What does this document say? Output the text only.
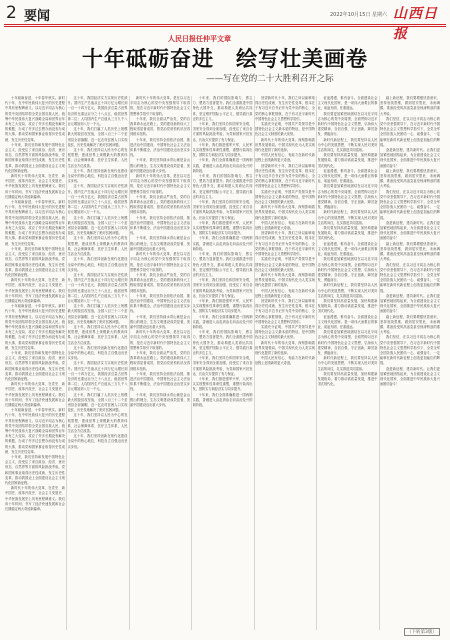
2 要闻	2022年10月15日 星期六 山西日报
人民日报任仲平文章
十年砥砺奋进　绘写壮美画卷
——写在党的二十大胜利召开之际

十年砥砺奋进，十年春华秋实。新时代十年，在中华民族伟大复兴的历史进程中具有里程碑意义。以习近平同志为核心的党中央团结带领全党全国各族人民，统筹中华民族伟大复兴战略全局和世界百年未有之大变局，攻克了许多长期没有解决的难题，办成了许多过去想办而没有办成的大事，推动党和国家事业取得历史性成就、发生历史性变革。

十年来，我们坚持和发展中国特色社会主义，经受住了来自政治、经济、意识形态、自然界等方面的风险挑战考验，党和国家事业取得历史性成就、发生历史性变革，推动我国迈上全面建设社会主义现代化国家新征程。

新时代十年的伟大变革，在党史、新中国史、改革开放史、社会主义发展史、中华民族发展史上具有里程碑意义。我们用十年时间，书写了经济快速发展和社会长期稳定两大奇迹新篇章。

十年砥砺奋进，十年春华秋实。新时代十年，在中华民族伟大复兴的历史进程中具有里程碑意义。以习近平同志为核心的党中央团结带领全党全国各族人民，统筹中华民族伟大复兴战略全局和世界百年未有之大变局，攻克了许多长期没有解决的难题，办成了许多过去想办而没有办成的大事，推动党和国家事业取得历史性成就、发生历史性变革。

十年来，我们坚持和发展中国特色社会主义，经受住了来自政治、经济、意识形态、自然界等方面的风险挑战考验，党和国家事业取得历史性成就、发生历史性变革，推动我国迈上全面建设社会主义现代化国家新征程。

新时代十年的伟大变革，在党史、新中国史、改革开放史、社会主义发展史、中华民族发展史上具有里程碑意义。我们用十年时间，书写了经济快速发展和社会长期稳定两大奇迹新篇章。

十年砥砺奋进，十年春华秋实。新时代十年，在中华民族伟大复兴的历史进程中具有里程碑意义。以习近平同志为核心的党中央团结带领全党全国各族人民，统筹中华民族伟大复兴战略全局和世界百年未有之大变局，攻克了许多长期没有解决的难题，办成了许多过去想办而没有办成的大事，推动党和国家事业取得历史性成就、发生历史性变革。

十年来，我们坚持和发展中国特色社会主义，经受住了来自政治、经济、意识形态、自然界等方面的风险挑战考验，党和国家事业取得历史性成就、发生历史性变革，推动我国迈上全面建设社会主义现代化国家新征程。

新时代十年的伟大变革，在党史、新中国史、改革开放史、社会主义发展史、中华民族发展史上具有里程碑意义。我们用十年时间，书写了经济快速发展和社会长期稳定两大奇迹新篇章。

十年砥砺奋进，十年春华秋实。新时代十年，在中华民族伟大复兴的历史进程中具有里程碑意义。以习近平同志为核心的党中央团结带领全党全国各族人民，统筹中华民族伟大复兴战略全局和世界百年未有之大变局，攻克了许多长期没有解决的难题，办成了许多过去想办而没有办成的大事，推动党和国家事业取得历史性成就、发生历史性变革。

十年来，我们坚持和发展中国特色社会主义，经受住了来自政治、经济、意识形态、自然界等方面的风险挑战考验，党和国家事业取得历史性成就、发生历史性变革，推动我国迈上全面建设社会主义现代化国家新征程。

新时代十年的伟大变革，在党史、新中国史、改革开放史、社会主义发展史、中华民族发展史上具有里程碑意义。我们用十年时间，书写了经济快速发展和社会长期稳定两大奇迹新篇章。

这十年，我国经济实力实现历史性跃升。国内生产总值从五十四万亿元增长到一百一十四万亿元，我国经济总量占世界经济的比重达百分之十八点五，稳居世界第二位；人均国内生产总值从三万九千八百元增加到八万一千元。

这十年，我们打赢了人类历史上规模最大的脱贫攻坚战，全国八百三十二个贫困县全部摘帽，近一亿农村贫困人口实现脱贫，历史性地解决了绝对贫困问题。

这十年，我们坚持以人民为中心的发展思想，建成世界上规模最大的教育体系、社会保障体系、医疗卫生体系，人民生活全方位改善。

这十年，我们坚持创新在现代化建设全局中的核心地位，科技自立自强迈出坚实步伐。

这十年，我国经济实力实现历史性跃升。国内生产总值从五十四万亿元增长到一百一十四万亿元，我国经济总量占世界经济的比重达百分之十八点五，稳居世界第二位；人均国内生产总值从三万九千八百元增加到八万一千元。

这十年，我们打赢了人类历史上规模最大的脱贫攻坚战，全国八百三十二个贫困县全部摘帽，近一亿农村贫困人口实现脱贫，历史性地解决了绝对贫困问题。

这十年，我们坚持以人民为中心的发展思想，建成世界上规模最大的教育体系、社会保障体系、医疗卫生体系，人民生活全方位改善。

这十年，我们坚持创新在现代化建设全局中的核心地位，科技自立自强迈出坚实步伐。

这十年，我国经济实力实现历史性跃升。国内生产总值从五十四万亿元增长到一百一十四万亿元，我国经济总量占世界经济的比重达百分之十八点五，稳居世界第二位；人均国内生产总值从三万九千八百元增加到八万一千元。

这十年，我们打赢了人类历史上规模最大的脱贫攻坚战，全国八百三十二个贫困县全部摘帽，近一亿农村贫困人口实现脱贫，历史性地解决了绝对贫困问题。

这十年，我们坚持以人民为中心的发展思想，建成世界上规模最大的教育体系、社会保障体系、医疗卫生体系，人民生活全方位改善。

这十年，我们坚持创新在现代化建设全局中的核心地位，科技自立自强迈出坚实步伐。

这十年，我国经济实力实现历史性跃升。国内生产总值从五十四万亿元增长到一百一十四万亿元，我国经济总量占世界经济的比重达百分之十八点五，稳居世界第二位；人均国内生产总值从三万九千八百元增加到八万一千元。

这十年，我们打赢了人类历史上规模最大的脱贫攻坚战，全国八百三十二个贫困县全部摘帽，近一亿农村贫困人口实现脱贫，历史性地解决了绝对贫困问题。

这十年，我们坚持以人民为中心的发展思想，建成世界上规模最大的教育体系、社会保障体系、医疗卫生体系，人民生活全方位改善。

这十年，我们坚持创新在现代化建设全局中的核心地位，科技自立自强迈出坚实步伐。

新时代十年的伟大变革，是在以习近平同志为核心的党中央坚强领导下取得的，是在习近平新时代中国特色社会主义思想科学指引下取得的。

十年来，我们全面从严治党，党的自我革命永远在路上。党的建设新的伟大工程取得显著成效，管党治党宽松软状况得到根本扭转。

十年来，我们坚持全面依法治国，推进法治中国建设，中国特色社会主义法治体系不断健全，法治中国建设迈出坚实步伐。

十年来，我们坚持绿水青山就是金山银山的理念，生态文明建设成效显著，美丽中国建设迈出重大步伐。

新时代十年的伟大变革，是在以习近平同志为核心的党中央坚强领导下取得的，是在习近平新时代中国特色社会主义思想科学指引下取得的。

十年来，我们全面从严治党，党的自我革命永远在路上。党的建设新的伟大工程取得显著成效，管党治党宽松软状况得到根本扭转。

十年来，我们坚持全面依法治国，推进法治中国建设，中国特色社会主义法治体系不断健全，法治中国建设迈出坚实步伐。

十年来，我们坚持绿水青山就是金山银山的理念，生态文明建设成效显著，美丽中国建设迈出重大步伐。

新时代十年的伟大变革，是在以习近平同志为核心的党中央坚强领导下取得的，是在习近平新时代中国特色社会主义思想科学指引下取得的。

十年来，我们全面从严治党，党的自我革命永远在路上。党的建设新的伟大工程取得显著成效，管党治党宽松软状况得到根本扭转。

十年来，我们坚持全面依法治国，推进法治中国建设，中国特色社会主义法治体系不断健全，法治中国建设迈出坚实步伐。

十年来，我们坚持绿水青山就是金山银山的理念，生态文明建设成效显著，美丽中国建设迈出重大步伐。

新时代十年的伟大变革，是在以习近平同志为核心的党中央坚强领导下取得的，是在习近平新时代中国特色社会主义思想科学指引下取得的。

十年来，我们全面从严治党，党的自我革命永远在路上。党的建设新的伟大工程取得显著成效，管党治党宽松软状况得到根本扭转。

十年来，我们坚持全面依法治国，推进法治中国建设，中国特色社会主义法治体系不断健全，法治中国建设迈出坚实步伐。

十年来，我们坚持绿水青山就是金山银山的理念，生态文明建设成效显著，美丽中国建设迈出重大步伐。

十年来，我们的国际影响力、感召力、塑造力显著提升。我们全面推进中国特色大国外交，推动构建人类命运共同体，坚定维护国际公平正义，倡导践行真正的多边主义。

十年来，我们坚持总体国家安全观，国家安全得到全面加强，经受住了来自各方面的风险挑战考验，为党和国家兴旺发达、长治久安提供了有力保证。

十年来，我们推进强军兴军，人民军队实现整体性革命性重塑，重整行装再出发，国防实力和经济实力同步提升。

十年来，我们全面准确推进一国两制实践，香港进入由乱到治走向由治及兴的新阶段。

十年来，我们的国际影响力、感召力、塑造力显著提升。我们全面推进中国特色大国外交，推动构建人类命运共同体，坚定维护国际公平正义，倡导践行真正的多边主义。

十年来，我们坚持总体国家安全观，国家安全得到全面加强，经受住了来自各方面的风险挑战考验，为党和国家兴旺发达、长治久安提供了有力保证。

十年来，我们推进强军兴军，人民军队实现整体性革命性重塑，重整行装再出发，国防实力和经济实力同步提升。

十年来，我们全面准确推进一国两制实践，香港进入由乱到治走向由治及兴的新阶段。

十年来，我们的国际影响力、感召力、塑造力显著提升。我们全面推进中国特色大国外交，推动构建人类命运共同体，坚定维护国际公平正义，倡导践行真正的多边主义。

十年来，我们坚持总体国家安全观，国家安全得到全面加强，经受住了来自各方面的风险挑战考验，为党和国家兴旺发达、长治久安提供了有力保证。

十年来，我们推进强军兴军，人民军队实现整体性革命性重塑，重整行装再出发，国防实力和经济实力同步提升。

十年来，我们全面准确推进一国两制实践，香港进入由乱到治走向由治及兴的新阶段。

十年来，我们的国际影响力、感召力、塑造力显著提升。我们全面推进中国特色大国外交，推动构建人类命运共同体，坚定维护国际公平正义，倡导践行真正的多边主义。

十年来，我们坚持总体国家安全观，国家安全得到全面加强，经受住了来自各方面的风险挑战考验，为党和国家兴旺发达、长治久安提供了有力保证。

十年来，我们推进强军兴军，人民军队实现整体性革命性重塑，重整行装再出发，国防实力和经济实力同步提升。

十年来，我们全面准确推进一国两制实践，香港进入由乱到治走向由治及兴的新阶段。

回望新时代十年，我们之所以能够取得历史性成就、发生历史性变革，根本在于有习近平总书记作为党中央的核心、全党的核心掌舵领航，在于有习近平新时代中国特色社会主义思想科学指引。

实践充分证明，中国共产党领导是中国特色社会主义最本质的特征，是中国特色社会主义制度的最大优势。

新时代十年的伟大变革，深刻影响着世界发展格局。中国式现代化为人类实现现代化提供了新的选择。

中国人民有信心、有能力在新时代新征程上创造新的更大奇迹。

回望新时代十年，我们之所以能够取得历史性成就、发生历史性变革，根本在于有习近平总书记作为党中央的核心、全党的核心掌舵领航，在于有习近平新时代中国特色社会主义思想科学指引。

实践充分证明，中国共产党领导是中国特色社会主义最本质的特征，是中国特色社会主义制度的最大优势。

新时代十年的伟大变革，深刻影响着世界发展格局。中国式现代化为人类实现现代化提供了新的选择。

中国人民有信心、有能力在新时代新征程上创造新的更大奇迹。

回望新时代十年，我们之所以能够取得历史性成就、发生历史性变革，根本在于有习近平总书记作为党中央的核心、全党的核心掌舵领航，在于有习近平新时代中国特色社会主义思想科学指引。

实践充分证明，中国共产党领导是中国特色社会主义最本质的特征，是中国特色社会主义制度的最大优势。

新时代十年的伟大变革，深刻影响着世界发展格局。中国式现代化为人类实现现代化提供了新的选择。

中国人民有信心、有能力在新时代新征程上创造新的更大奇迹。

回望新时代十年，我们之所以能够取得历史性成就、发生历史性变革，根本在于有习近平总书记作为党中央的核心、全党的核心掌舵领航，在于有习近平新时代中国特色社会主义思想科学指引。

实践充分证明，中国共产党领导是中国特色社会主义最本质的特征，是中国特色社会主义制度的最大优势。

新时代十年的伟大变革，深刻影响着世界发展格局。中国式现代化为人类实现现代化提供了新的选择。

中国人民有信心、有能力在新时代新征程上创造新的更大奇迹。

征途漫漫，惟有奋斗。全面建设社会主义现代化国家，是一项伟大而艰巨的事业，前途光明，任重道远。

我们要更加紧密地团结在以习近平同志为核心的党中央周围，全面贯彻习近平新时代中国特色社会主义思想，弘扬伟大建党精神，自信自强、守正创新，踔厉奋发、勇毅前行。

新时代新征程上，我们要坚持以人民为中心的发展思想，不断实现人民对美好生活的向往，扎实推进共同富裕。

我们要坚持高质量发展，加快构建新发展格局，着力推动高质量发展，推进中国式现代化。

征途漫漫，惟有奋斗。全面建设社会主义现代化国家，是一项伟大而艰巨的事业，前途光明，任重道远。

我们要更加紧密地团结在以习近平同志为核心的党中央周围，全面贯彻习近平新时代中国特色社会主义思想，弘扬伟大建党精神，自信自强、守正创新，踔厉奋发、勇毅前行。

新时代新征程上，我们要坚持以人民为中心的发展思想，不断实现人民对美好生活的向往，扎实推进共同富裕。

我们要坚持高质量发展，加快构建新发展格局，着力推动高质量发展，推进中国式现代化。

征途漫漫，惟有奋斗。全面建设社会主义现代化国家，是一项伟大而艰巨的事业，前途光明，任重道远。

我们要更加紧密地团结在以习近平同志为核心的党中央周围，全面贯彻习近平新时代中国特色社会主义思想，弘扬伟大建党精神，自信自强、守正创新，踔厉奋发、勇毅前行。

新时代新征程上，我们要坚持以人民为中心的发展思想，不断实现人民对美好生活的向往，扎实推进共同富裕。

我们要坚持高质量发展，加快构建新发展格局，着力推动高质量发展，推进中国式现代化。

征途漫漫，惟有奋斗。全面建设社会主义现代化国家，是一项伟大而艰巨的事业，前途光明，任重道远。

我们要更加紧密地团结在以习近平同志为核心的党中央周围，全面贯彻习近平新时代中国特色社会主义思想，弘扬伟大建党精神，自信自强、守正创新，踔厉奋发、勇毅前行。

新时代新征程上，我们要坚持以人民为中心的发展思想，不断实现人民对美好生活的向往，扎实推进共同富裕。

我们要坚持高质量发展，加快构建新发展格局，着力推动高质量发展，推进中国式现代化。

踏上新征程，我们要增强忧患意识，坚持底线思维，做到居安思危、未雨绸缪，准备经受风高浪急甚至惊涛骇浪的重大考验。

我们坚信，在以习近平同志为核心的党中央坚强领导下，在习近平新时代中国特色社会主义思想科学指引下，全党全军全国各族人民团结一心、顽强奋斗，一定能够在新时代新征程上创造更加灿烂的辉煌。

奋进新征程，建功新时代。让我们更加紧密地团结起来，为全面建设社会主义现代化国家、全面推进中华民族伟大复兴而团结奋斗！

踏上新征程，我们要增强忧患意识，坚持底线思维，做到居安思危、未雨绸缪，准备经受风高浪急甚至惊涛骇浪的重大考验。

我们坚信，在以习近平同志为核心的党中央坚强领导下，在习近平新时代中国特色社会主义思想科学指引下，全党全军全国各族人民团结一心、顽强奋斗，一定能够在新时代新征程上创造更加灿烂的辉煌。

奋进新征程，建功新时代。让我们更加紧密地团结起来，为全面建设社会主义现代化国家、全面推进中华民族伟大复兴而团结奋斗！

踏上新征程，我们要增强忧患意识，坚持底线思维，做到居安思危、未雨绸缪，准备经受风高浪急甚至惊涛骇浪的重大考验。

我们坚信，在以习近平同志为核心的党中央坚强领导下，在习近平新时代中国特色社会主义思想科学指引下，全党全军全国各族人民团结一心、顽强奋斗，一定能够在新时代新征程上创造更加灿烂的辉煌。

奋进新征程，建功新时代。让我们更加紧密地团结起来，为全面建设社会主义现代化国家、全面推进中华民族伟大复兴而团结奋斗！

踏上新征程，我们要增强忧患意识，坚持底线思维，做到居安思危、未雨绸缪，准备经受风高浪急甚至惊涛骇浪的重大考验。

我们坚信，在以习近平同志为核心的党中央坚强领导下，在习近平新时代中国特色社会主义思想科学指引下，全党全军全国各族人民团结一心、顽强奋斗，一定能够在新时代新征程上创造更加灿烂的辉煌。

奋进新征程，建功新时代。让我们更加紧密地团结起来，为全面建设社会主义现代化国家、全面推进中华民族伟大复兴而团结奋斗！

（下转第3版）
